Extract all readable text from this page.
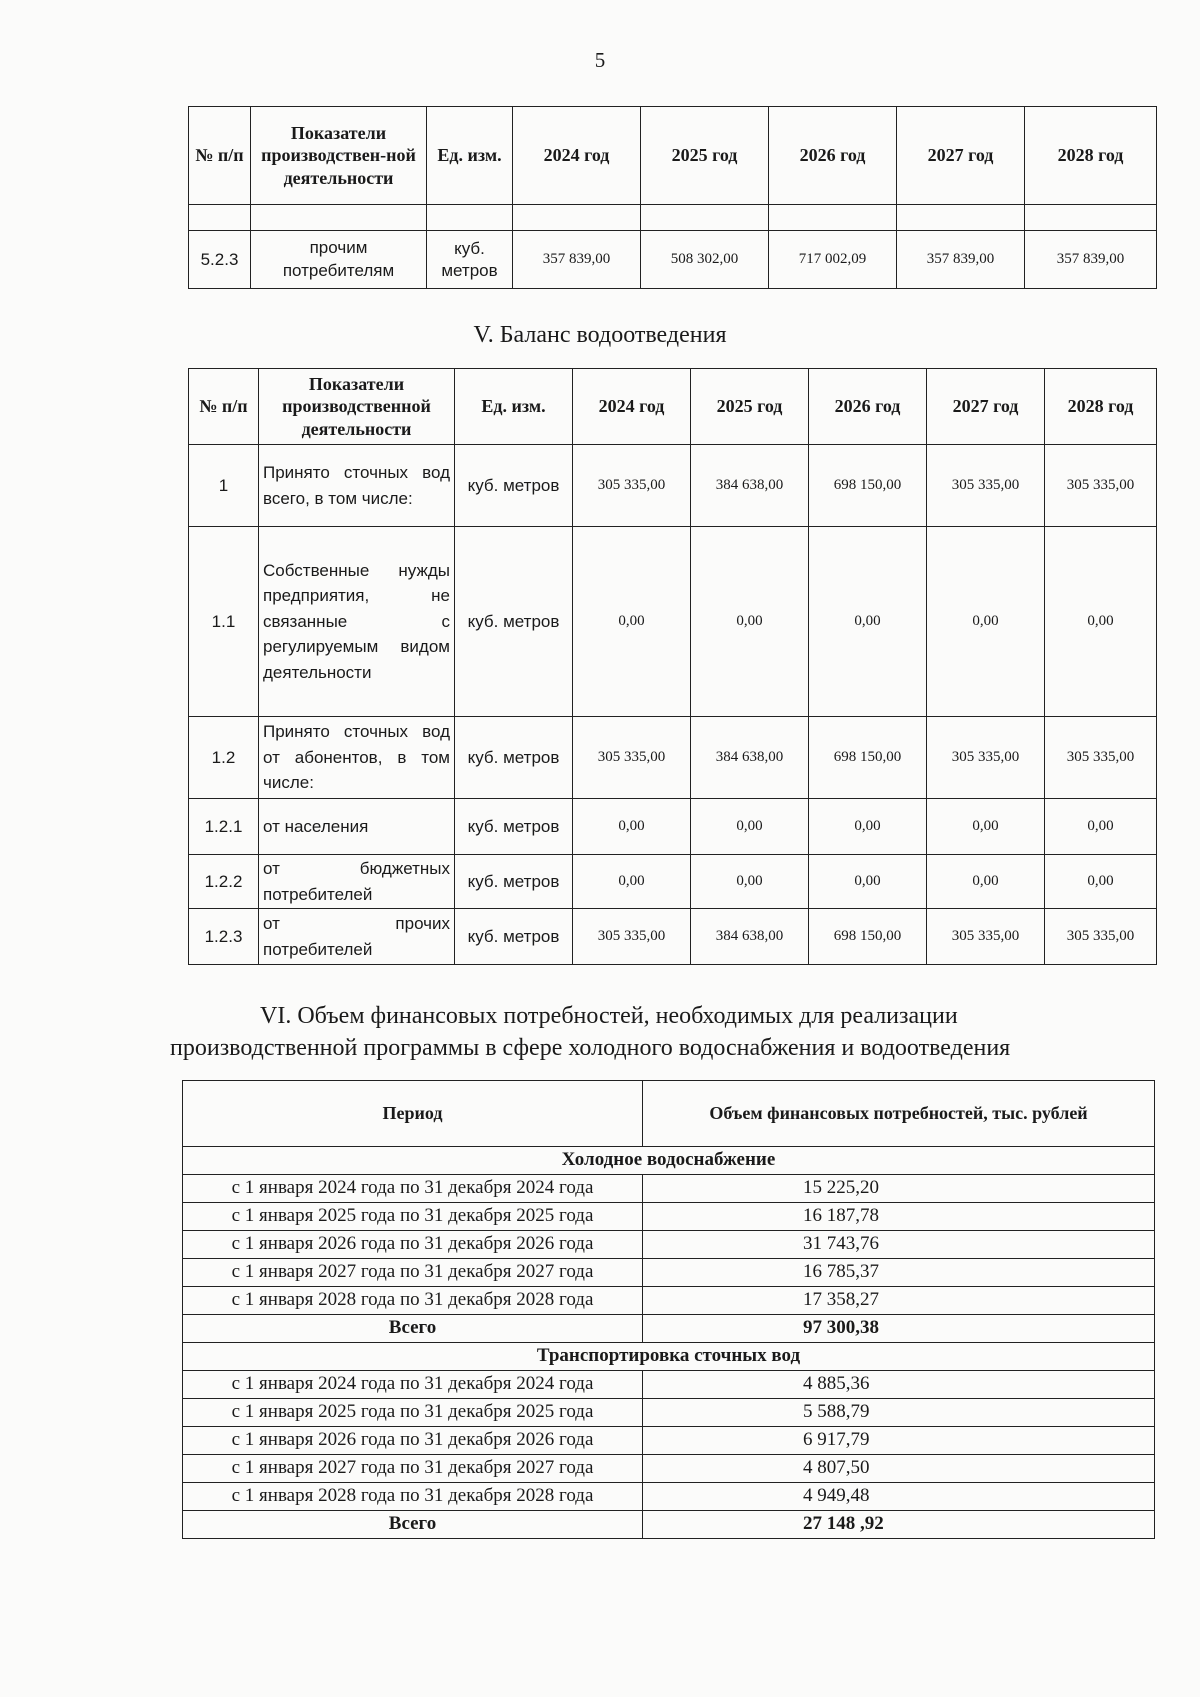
5
№ п/п	Показатели производствен-ной деятельности	Ед. изм.	2024 год	2025 год	2026 год	2027 год	2028 год

5.2.3	прочим потребителям	куб. метров	357 839,00	508 302,00	717 002,09	357 839,00	357 839,00
V. Баланс водоотведения
№ п/п	Показатели производственной деятельности	Ед. изм.	2024 год	2025 год	2026 год	2027 год	2028 год
1	Принято сточных вод всего, в том числе:	куб. метров	305 335,00	384 638,00	698 150,00	305 335,00	305 335,00
1.1	Собственные нужды предприятия, не связанные с регулируемым видом деятельности	куб. метров	0,00	0,00	0,00	0,00	0,00
1.2	Принято сточных вод от абонентов, в том числе:	куб. метров	305 335,00	384 638,00	698 150,00	305 335,00	305 335,00
1.2.1	от населения	куб. метров	0,00	0,00	0,00	0,00	0,00
1.2.2	от бюджетных потребителей	куб. метров	0,00	0,00	0,00	0,00	0,00
1.2.3	от прочих потребителей	куб. метров	305 335,00	384 638,00	698 150,00	305 335,00	305 335,00
VI. Объем финансовых потребностей, необходимых для реализации
производственной программы в сфере холодного водоснабжения и водоотведения
Период	Объем финансовых потребностей, тыс. рублей
Холодное водоснабжение	
с 1 января 2024 года по 31 декабря 2024 года	15 225,20
с 1 января 2025 года по 31 декабря 2025 года	16 187,78
с 1 января 2026 года по 31 декабря 2026 года	31 743,76
с 1 января 2027 года по 31 декабря 2027 года	16 785,37
с 1 января 2028 года по 31 декабря 2028 года	17 358,27
Всего	97 300,38
Транспортировка сточных вод	
с 1 января 2024 года по 31 декабря 2024 года	4 885,36
с 1 января 2025 года по 31 декабря 2025 года	5 588,79
с 1 января 2026 года по 31 декабря 2026 года	6 917,79
с 1 января 2027 года по 31 декабря 2027 года	4 807,50
с 1 января 2028 года по 31 декабря 2028 года	4 949,48
Всего	27 148 ,92
